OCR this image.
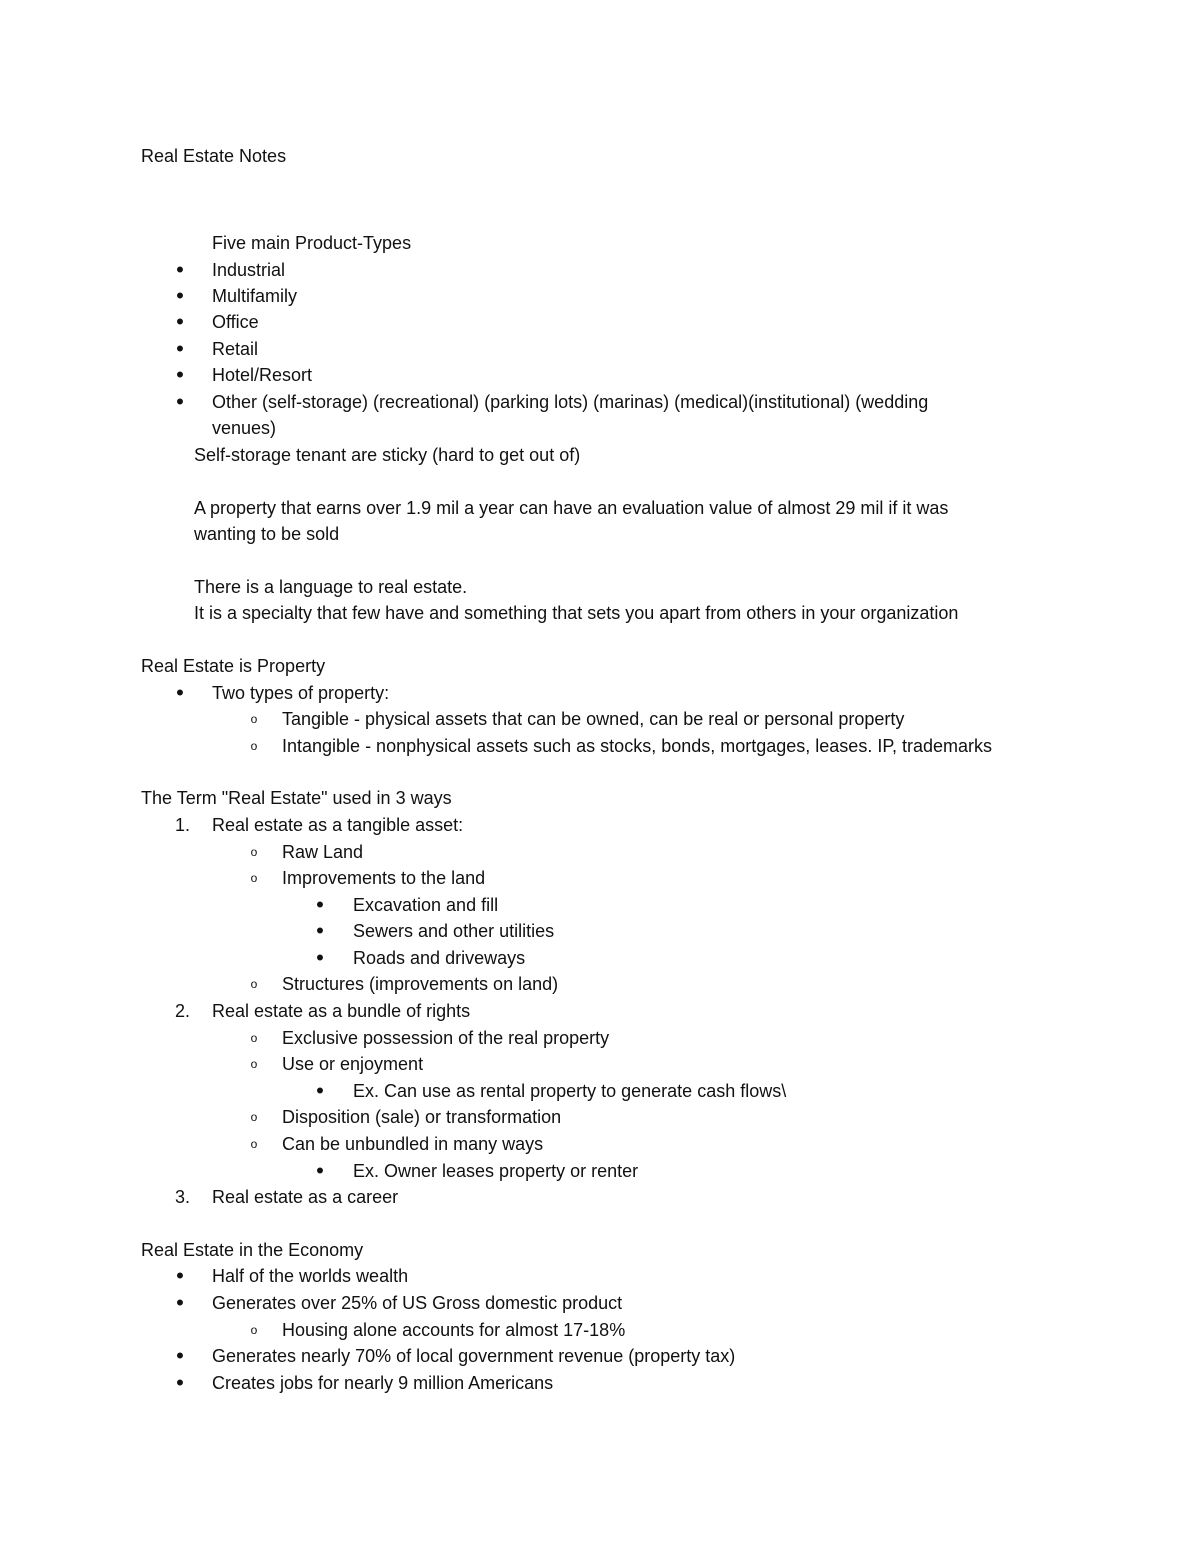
Real Estate Notes
Five main Product-Types
•	Industrial
•	Multifamily
•	Office
•	Retail
•	Hotel/Resort
•	Other (self-storage) (recreational) (parking lots) (marinas) (medical)(institutional) (wedding
venues)
Self-storage tenant are sticky (hard to get out of)
A property that earns over 1.9 mil a year can have an evaluation value of almost 29 mil if it was
wanting to be sold
There is a language to real estate.
It is a specialty that few have and something that sets you apart from others in your organization
Real Estate is Property
•	Two types of property:
o	Tangible - physical assets that can be owned, can be real or personal property
o	Intangible - nonphysical assets such as stocks, bonds, mortgages, leases. IP, trademarks
The Term "Real Estate" used in 3 ways
1. Real estate as a tangible asset:
o	Raw Land
o	Improvements to the land
•	Excavation and fill
•	Sewers and other utilities
•	Roads and driveways
o	Structures (improvements on land)
2. Real estate as a bundle of rights
o	Exclusive possession of the real property
o	Use or enjoyment
•	Ex. Can use as rental property to generate cash flows\
o	Disposition (sale) or transformation
o	Can be unbundled in many ways
•	Ex. Owner leases property or renter
3. Real estate as a career
Real Estate in the Economy
•	Half of the worlds wealth
•	Generates over 25% of US Gross domestic product
o	Housing alone accounts for almost 17-18%
•	Generates nearly 70% of local government revenue (property tax)
•	Creates jobs for nearly 9 million Americans
